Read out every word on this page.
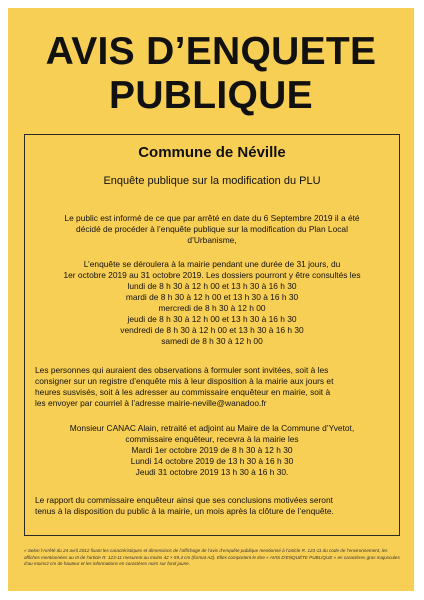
AVIS D’ENQUETE
PUBLIQUE
Commune de Néville
Enquête publique sur la modification du PLU
Le public est informé de ce que par arrêté en date du 6 Septembre 2019 il a été
décidé de procéder à l’enquête publique sur la modification du Plan Local
d’Urbanisme,
L’enquête se déroulera à la mairie pendant une durée de 31 jours, du
1er octobre 2019 au 31 octobre 2019. Les dossiers pourront y être consultés les
lundi de 8 h 30 à 12 h 00 et 13 h 30 à 16 h 30
mardi de 8 h 30 à 12 h 00 et 13 h 30 à 16 h 30
mercredi de 8 h 30 à 12 h 00
jeudi de 8 h 30 à 12 h 00 et 13 h 30 à 16 h 30
vendredi de 8 h 30 à 12 h 00 et 13 h 30 à 16 h 30
samedi de 8 h 30 à 12 h 00
Les personnes qui auraient des observations à formuler sont invitées, soit à les
consigner sur un registre d’enquête mis à leur disposition à la mairie aux jours et
heures susvisés, soit à les adresser au commissaire enquêteur en mairie, soit à
les envoyer par courriel à l’adresse mairie-neville@wanadoo.fr
Monsieur CANAC Alain, retraité et adjoint au Maire de la Commune d’Yvetot,
commissaire enquêteur, recevra à la mairie les
Mardi 1er octobre 2019 de 8 h 30 à 12 h 30
Lundi 14 octobre 2019 de 13 h 30 à 16 h 30
Jeudi 31 octobre 2019 13 h 30 à 16 h 30.
Le rapport du commissaire enquêteur ainsi que ses conclusions motivées seront
tenus à la disposition du public à la mairie, un mois après la clôture de l’enquête.
« Selon l’Arrêté du 24 avril 2012 fixant les caractéristiques et dimensions de l’affichage de l’avis d’enquête publique mentionné à l’article R. 123-11 du code de l’environnement, les affiches mentionnées au III de l’article R. 123-11 mesurent au moins 42 × 59,4 cm (format A2). Elles comportent le titre « AVIS D’ENQUÊTE PUBLIQUE » en caractères gras majuscules d’au moins2 cm de hauteur et les informations en caractères noirs sur fond jaune.
